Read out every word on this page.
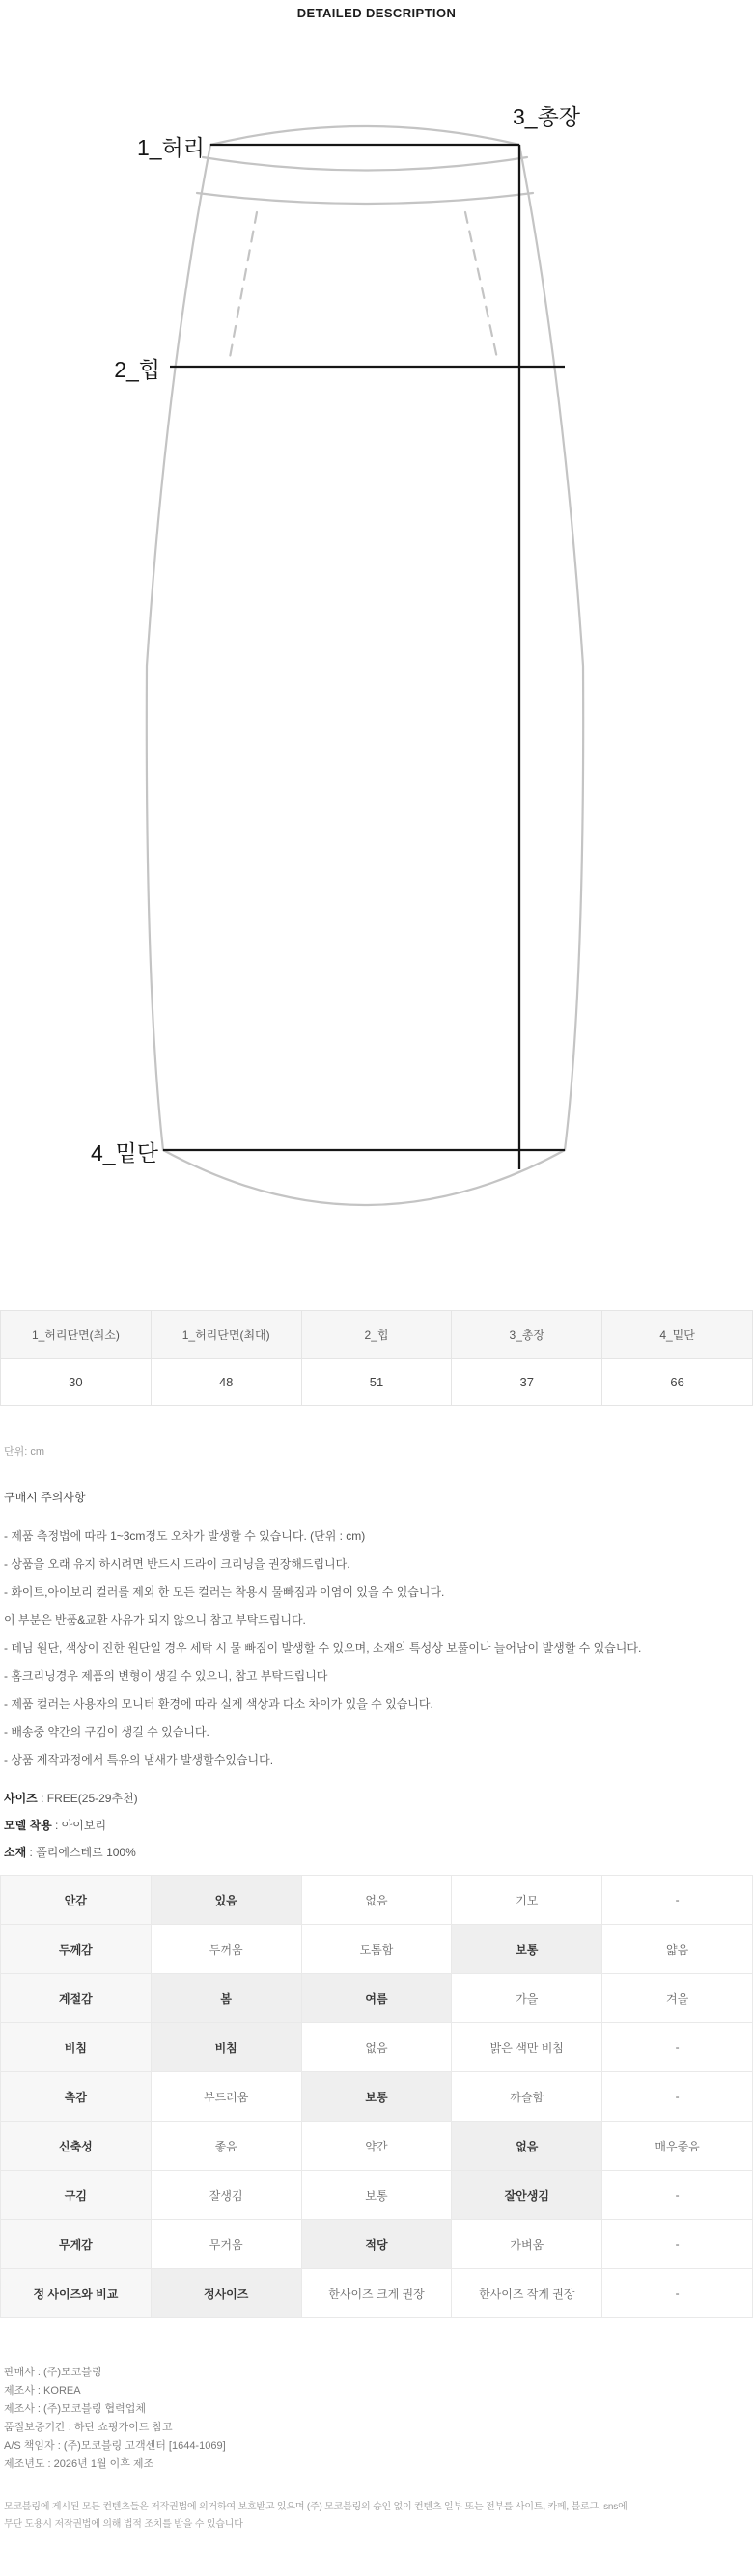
DETAILED DESCRIPTION
1_허리
3_총장
2_힙
4_밑단
1_허리단면(최소)	1_허리단면(최대)	2_힙	3_총장	4_밑단
30	48	51	37	66
단위: cm
구매시 주의사항
- 제품 측정법에 따라 1~3cm정도 오차가 발생할 수 있습니다. (단위 : cm)
- 상품을 오래 유지 하시려면 반드시 드라이 크리닝을 권장해드립니다.
- 화이트,아이보리 컬러를 제외 한 모든 컬러는 착용시 물빠짐과 이염이 있을 수 있습니다.
이 부분은 반품&교환 사유가 되지 않으니 참고 부탁드립니다.
- 데님 원단, 색상이 진한 원단일 경우 세탁 시 물 빠짐이 발생할 수 있으며, 소재의 특성상 보풀이나 늘어남이 발생할 수 있습니다.
- 홈크리닝경우 제품의 변형이 생길 수 있으니, 참고 부탁드립니다
- 제품 컬러는 사용자의 모니터 환경에 따라 실제 색상과 다소 차이가 있을 수 있습니다.
- 배송중 약간의 구김이 생길 수 있습니다.
- 상품 제작과정에서 특유의 냄새가 발생할수있습니다.
사이즈 : FREE(25-29추천)
모델 착용 : 아이보리
소재 : 폴리에스테르 100%
안감	있음	없음	기모	-
두께감	두꺼움	도톰함	보통	얇음
계절감	봄	여름	가을	겨울
비침	비침	없음	밝은 색만 비침	-
촉감	부드러움	보통	까슬함	-
신축성	좋음	약간	없음	매우좋음
구김	잘생김	보통	잘안생김	-
무게감	무거움	적당	가벼움	-
정 사이즈와 비교	정사이즈	한사이즈 크게 권장	한사이즈 작게 권장	-
판매사 : (주)모코블링
제조사 : KOREA
제조사 : (주)모코블링 협력업체
품질보증기간 : 하단 쇼핑가이드 참고
A/S 책임자 : (주)모코블링 고객센터 [1644-1069]
제조년도 : 2026년 1월 이후 제조
모코블링에 게시된 모든 컨텐츠들은 저작권법에 의거하여 보호받고 있으며 (주) 모코블링의 승인 없이 컨텐츠 일부 또는 전부를 사이트, 카페, 블로그, sns에
무단 도용시 저작권법에 의해 법적 조치를 받을 수 있습니다
